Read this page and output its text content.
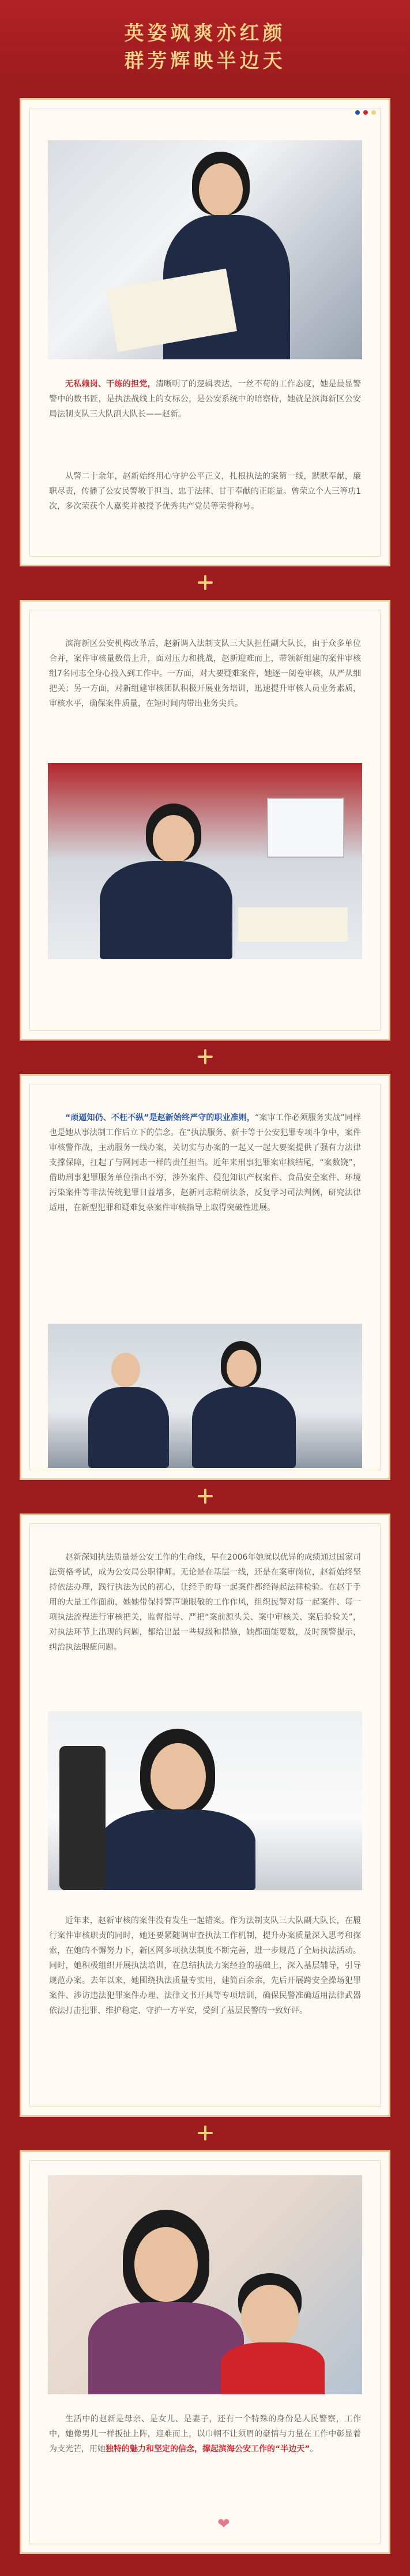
英姿飒爽亦红颜
群芳辉映半边天
无私赖岗、干练的担党，清晰明了的逻辑表达，一丝不苟的工作态度，她是最显警警中的数书匠，是执法战线上的女标公，是公安系统中的暗察侍，她就是滨海新区公安局法制支队三大队副大队长——赵新。
从警二十余年，赵新始终用心守护公平正义，扎根执法的案第一线，默默奉献，廉职尽责，传播了公安民警敏于担当、忠于法律、甘于奉献的正能量。曾荣立个人三等功1次，多次荣获个人嘉奖并被授予优秀共产党员等荣誉称号。
滨海新区公安机构改革后，赵新调入法制支队三大队担任副大队长，由于众多单位合并，案件审核量数倍上升，面对压力和挑战，赵新迎难而上，带领新组建的案件审核组7名同志全身心投入到工作中。一方面，对大要疑难案件，她逐一阅卷审核，从严从细把关；另一方面，对新组建审核团队积极开展业务培训，迅速提升审核人员业务素质，审核水平，确保案件质量，在短时间内带出业务尖兵。
“顽逼知仍、不枉不纵”是赵新始终严守的职业准则，“案审工作必须服务实战”同样也是她从事法制工作后立下的信念。在“执法服务、新卡等于公安犯罪专项斗争中，案件审核警作战，主动服务一线办案，关切实与办案的一起又一起大要案提供了强有力法律支撑保障，扛起了与网同志一样的责任担当。近年来刑事犯罪案审核结尾，“案数饶”，借助刑事犯罪服务单位指出不穷，涉外案件、侵犯知识产权案件、食品安全案件、环境污染案件等非法传统犯罪日益增多，赵新同志精研法条，反复学习司法判例，研究法律适用，在新型犯罪和疑难复杂案件审核指导上取得突破性进展。
赵新深知执法质量是公安工作的生命线，早在2006年她就以优异的成绩通过国家司法资格考试，成为公安局公职律师。无论是在基层一线，还是在案审岗位，赵新始终坚持依法办理，践行执法为民的初心，让经手的每一起案件都经得起法律检验。在赵于手用的大量工作面前，她她带保持警声谦眼敬的工作作风，组织民警对每一起案件、每一项执法流程进行审核把关，监督指导、严把“案前源头关、案中审核关、案后验验关”，对执法环节上出现的问题，都给出最一些规级和措施，她都面能要数，及时预警提示，纠治执法瑕疵问题。
近年来，赵新审核的案件没有发生一起错案。作为法制支队三大队副大队长，在履行案件审核职责的同时，她还要紧随调审查执法工作机制，提升办案质量深入思考和探索，在她的不懈努力下，新区网多项执法制度不断完善，进一步规范了全局执法活动。同时，她积极组织开展执法培训，在总结执法力案经验的基础上，深入基层辅导，引导规范办案。去年以来，她围绕执法质量专实用，建简百余余，先后开展跨安全操场犯罪案件、涉访违法犯罪案件办理、法律文书开具等专项培训，确保民警准确适用法律武器依法打击犯罪、维护稳定、守护一方平安，受到了基层民警的一致好评。
生活中的赵新是母亲、是女儿、是妻子，还有一个特殊的身份是人民警察，工作中，她像男儿一样扳扯上阵，迎难而上，以巾帼不让须眉的豪情与力量在工作中彰显着为支光芒，用她独特的魅力和坚定的信念，撑起滨海公安工作的“半边天”。
❤
